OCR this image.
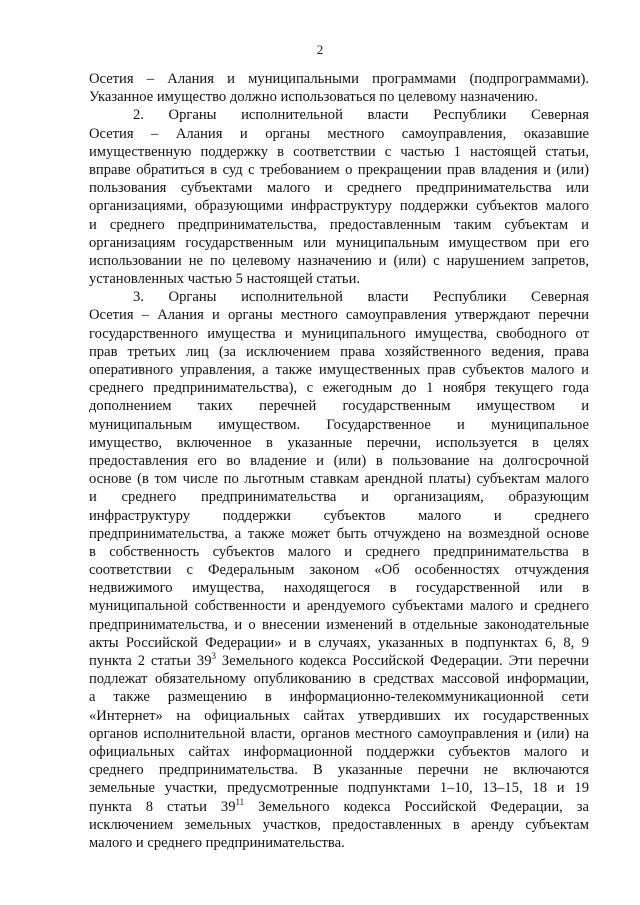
2
Осетия – Алания и муниципальными программами (подпрограммами).
Указанное имущество должно использоваться по целевому назначению.
2. Органы исполнительной власти Республики Северная
Осетия – Алания и органы местного самоуправления, оказавшие
имущественную поддержку в соответствии с частью 1 настоящей статьи,
вправе обратиться в суд с требованием о прекращении прав владения и (или)
пользования субъектами малого и среднего предпринимательства или
организациями, образующими инфраструктуру поддержки субъектов малого
и среднего предпринимательства, предоставленным таким субъектам и
организациям государственным или муниципальным имуществом при его
использовании не по целевому назначению и (или) с нарушением запретов,
установленных частью 5 настоящей статьи.
3. Органы исполнительной власти Республики Северная
Осетия – Алания и органы местного самоуправления утверждают перечни
государственного имущества и муниципального имущества, свободного от
прав третьих лиц (за исключением права хозяйственного ведения, права
оперативного управления, а также имущественных прав субъектов малого и
среднего предпринимательства), с ежегодным до 1 ноября текущего года
дополнением таких перечней государственным имуществом и
муниципальным имуществом. Государственное и муниципальное
имущество, включенное в указанные перечни, используется в целях
предоставления его во владение и (или) в пользование на долгосрочной
основе (в том числе по льготным ставкам арендной платы) субъектам малого
и среднего предпринимательства и организациям, образующим
инфраструктуру поддержки субъектов малого и среднего
предпринимательства, а также может быть отчуждено на возмездной основе
в собственность субъектов малого и среднего предпринимательства в
соответствии с Федеральным законом «Об особенностях отчуждения
недвижимого имущества, находящегося в государственной или в
муниципальной собственности и арендуемого субъектами малого и среднего
предпринимательства, и о внесении изменений в отдельные законодательные
акты Российской Федерации» и в случаях, указанных в подпунктах 6, 8, 9
пункта 2 статьи $39^3$ Земельного кодекса Российской Федерации. Эти перечни
подлежат обязательному опубликованию в средствах массовой информации,
а также размещению в информационно-телекоммуникационной сети
«Интернет» на официальных сайтах утвердивших их государственных
органов исполнительной власти, органов местного самоуправления и (или) на
официальных сайтах информационной поддержки субъектов малого и
среднего предпринимательства. В указанные перечни не включаются
земельные участки, предусмотренные подпунктами 1–10, 13–15, 18 и 19
пункта 8 статьи $39^{11}$ Земельного кодекса Российской Федерации, за
исключением земельных участков, предоставленных в аренду субъектам
малого и среднего предпринимательства.
